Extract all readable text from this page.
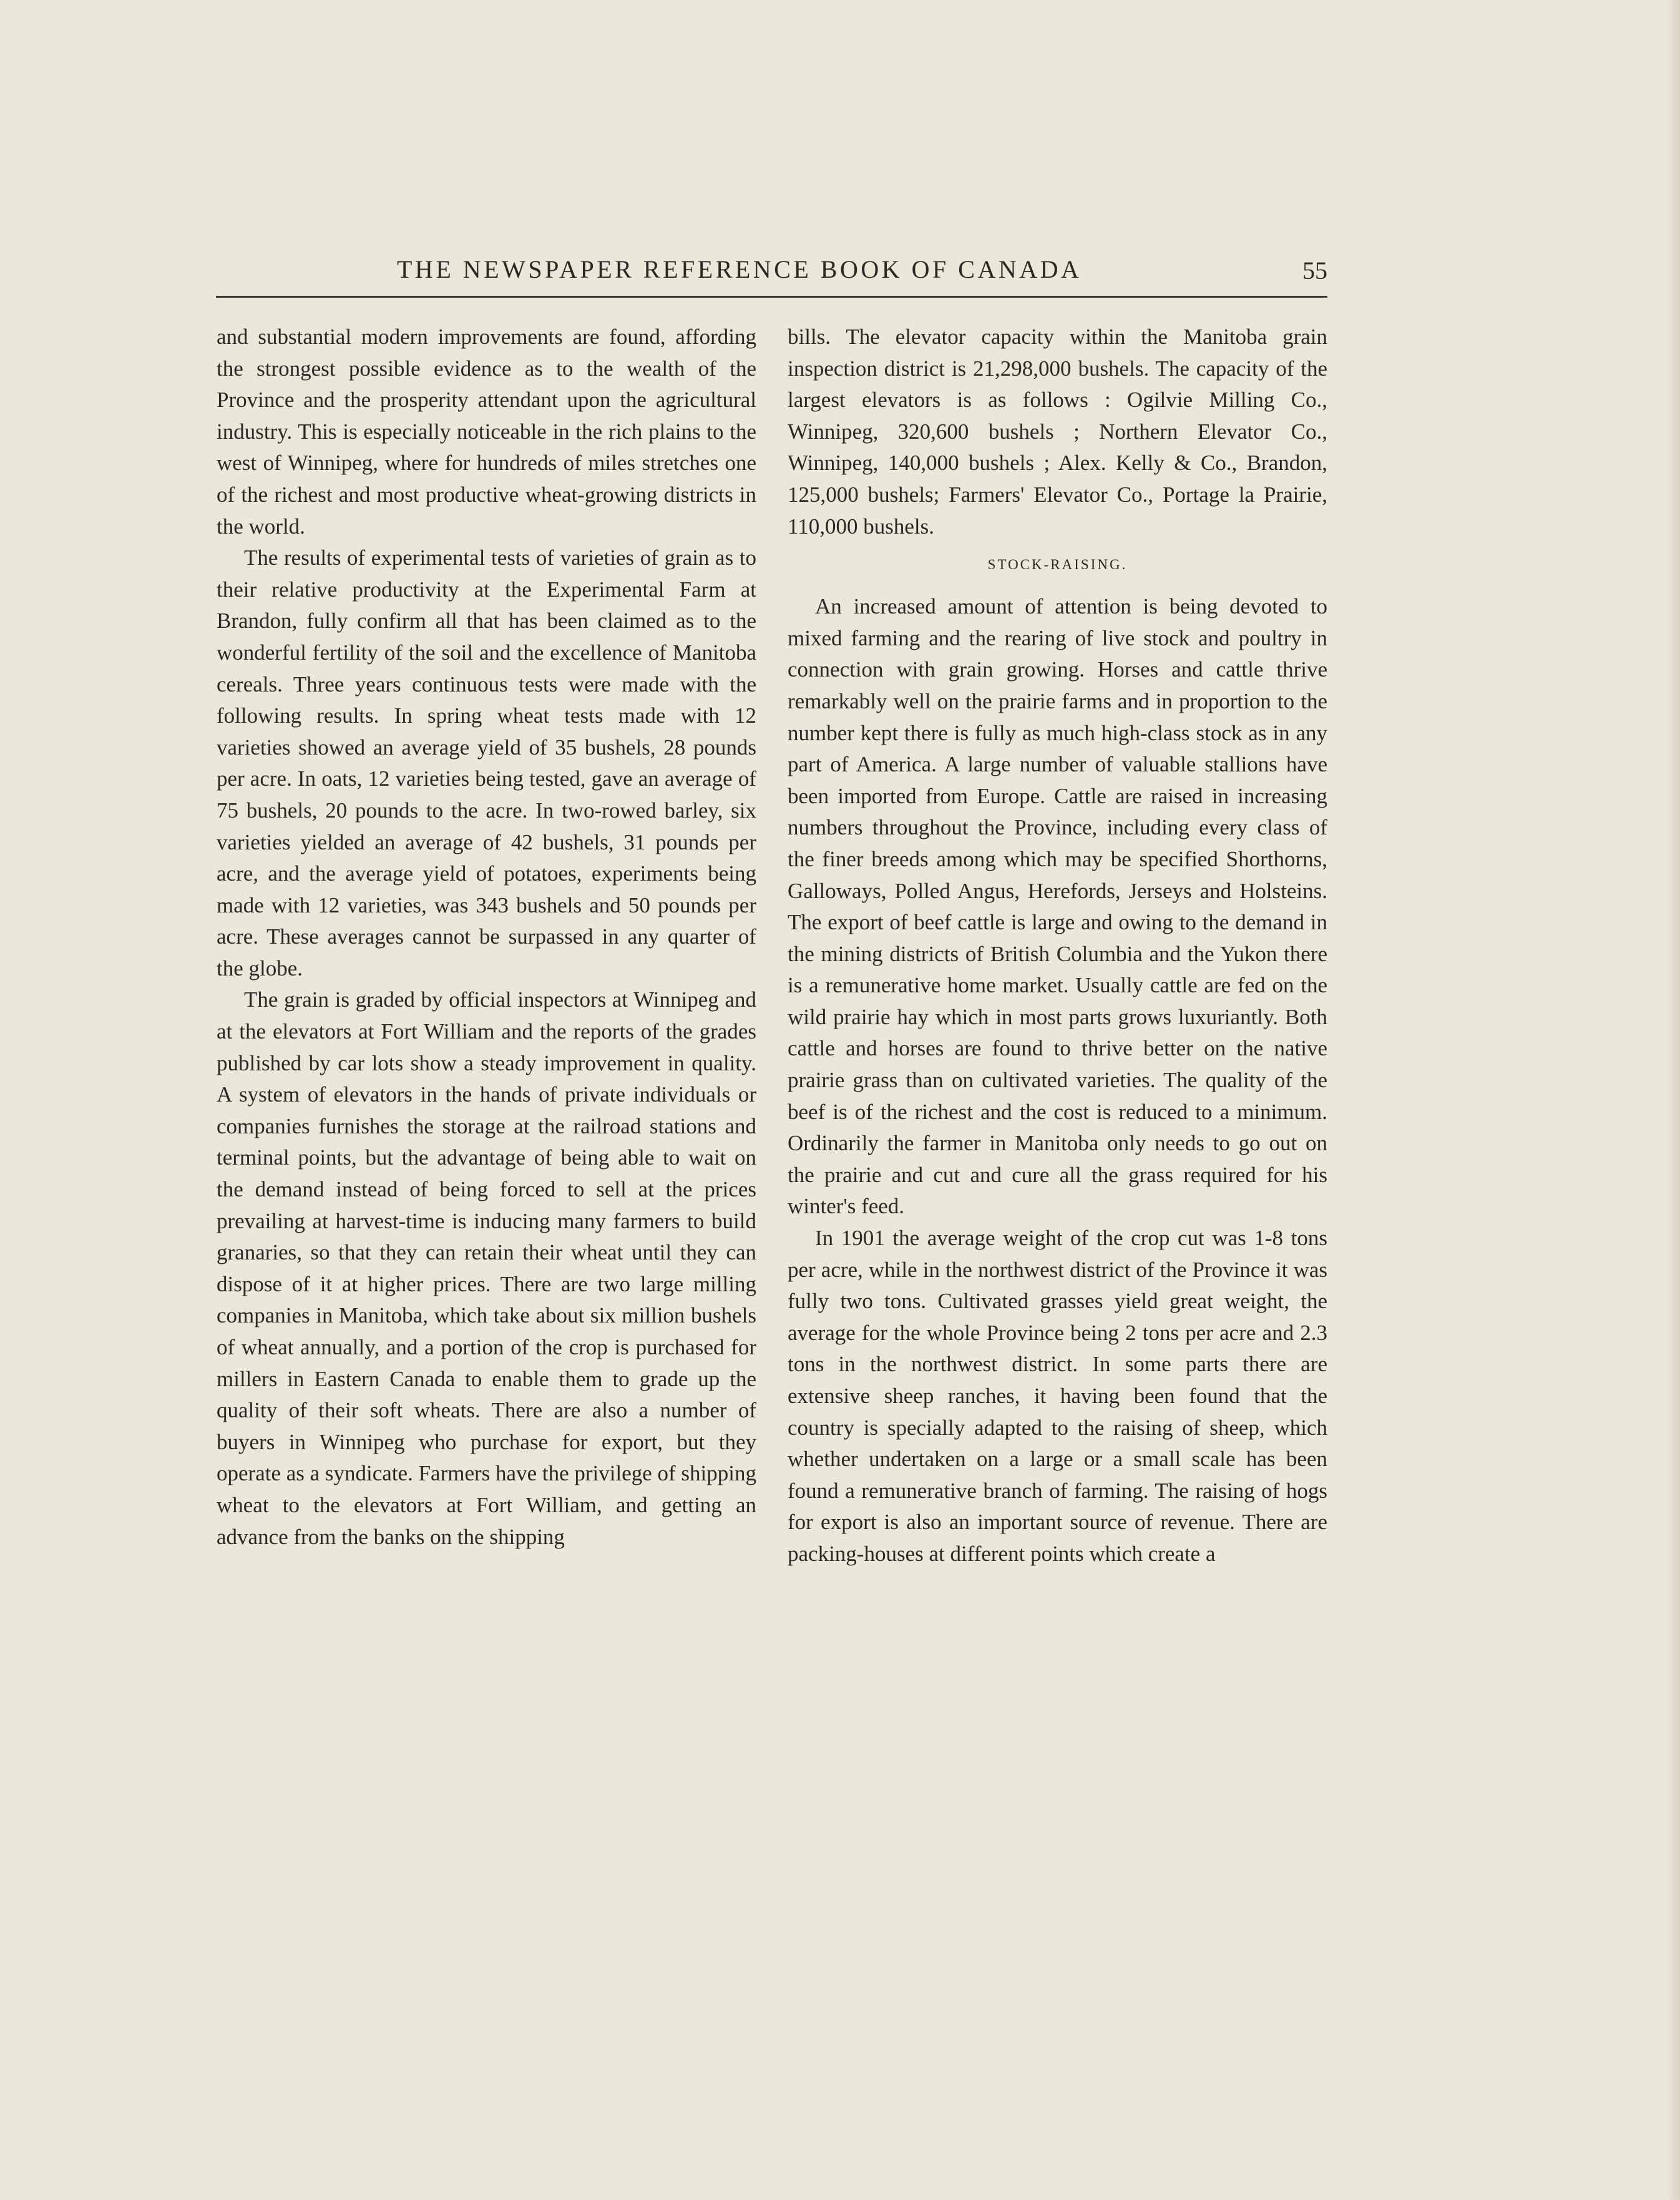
THE NEWSPAPER REFERENCE BOOK OF CANADA	55

and substantial modern improvements are found, affording the strongest possible evidence as to the wealth of the Province and the prosperity attendant upon the agricultural industry. This is especially noticeable in the rich plains to the west of Winnipeg, where for hundreds of miles stretches one of the richest and most productive wheat-growing districts in the world.

The results of experimental tests of varieties of grain as to their relative productivity at the Experimental Farm at Brandon, fully confirm all that has been claimed as to the wonderful fertility of the soil and the excellence of Manitoba cereals. Three years continuous tests were made with the following results. In spring wheat tests made with 12 varieties showed an average yield of 35 bushels, 28 pounds per acre. In oats, 12 varieties being tested, gave an average of 75 bushels, 20 pounds to the acre. In two-rowed barley, six varieties yielded an average of 42 bushels, 31 pounds per acre, and the average yield of potatoes, experiments being made with 12 varieties, was 343 bushels and 50 pounds per acre. These averages cannot be surpassed in any quarter of the globe.

The grain is graded by official inspectors at Winnipeg and at the elevators at Fort William and the reports of the grades published by car lots show a steady improvement in quality. A system of elevators in the hands of private individuals or companies furnishes the storage at the railroad stations and terminal points, but the advantage of being able to wait on the demand instead of being forced to sell at the prices prevailing at harvest-time is inducing many farmers to build granaries, so that they can retain their wheat until they can dispose of it at higher prices. There are two large milling companies in Manitoba, which take about six million bushels of wheat annually, and a portion of the crop is purchased for millers in Eastern Canada to enable them to grade up the quality of their soft wheats. There are also a number of buyers in Winnipeg who purchase for export, but they operate as a syndicate. Farmers have the privilege of shipping wheat to the elevators at Fort William, and getting an advance from the banks on the shipping

bills. The elevator capacity within the Manitoba grain inspection district is 21,298,000 bushels. The capacity of the largest elevators is as follows : Ogilvie Milling Co., Winnipeg, 320,600 bushels ; Northern Elevator Co., Winnipeg, 140,000 bushels ; Alex. Kelly & Co., Brandon, 125,000 bushels; Farmers' Elevator Co., Portage la Prairie, 110,000 bushels.

STOCK-RAISING.

An increased amount of attention is being devoted to mixed farming and the rearing of live stock and poultry in connection with grain growing. Horses and cattle thrive remarkably well on the prairie farms and in proportion to the number kept there is fully as much high-class stock as in any part of America. A large number of valuable stallions have been imported from Europe. Cattle are raised in increasing numbers throughout the Province, including every class of the finer breeds among which may be specified Shorthorns, Galloways, Polled Angus, Herefords, Jerseys and Holsteins. The export of beef cattle is large and owing to the demand in the mining districts of British Columbia and the Yukon there is a remunerative home market. Usually cattle are fed on the wild prairie hay which in most parts grows luxuriantly. Both cattle and horses are found to thrive better on the native prairie grass than on cultivated varieties. The quality of the beef is of the richest and the cost is reduced to a minimum. Ordinarily the farmer in Manitoba only needs to go out on the prairie and cut and cure all the grass required for his winter's feed.

In 1901 the average weight of the crop cut was 1-8 tons per acre, while in the northwest district of the Province it was fully two tons. Cultivated grasses yield great weight, the average for the whole Province being 2 tons per acre and 2.3 tons in the northwest district. In some parts there are extensive sheep ranches, it having been found that the country is specially adapted to the raising of sheep, which whether undertaken on a large or a small scale has been found a remunerative branch of farming. The raising of hogs for export is also an important source of revenue. There are packing-houses at different points which create a
